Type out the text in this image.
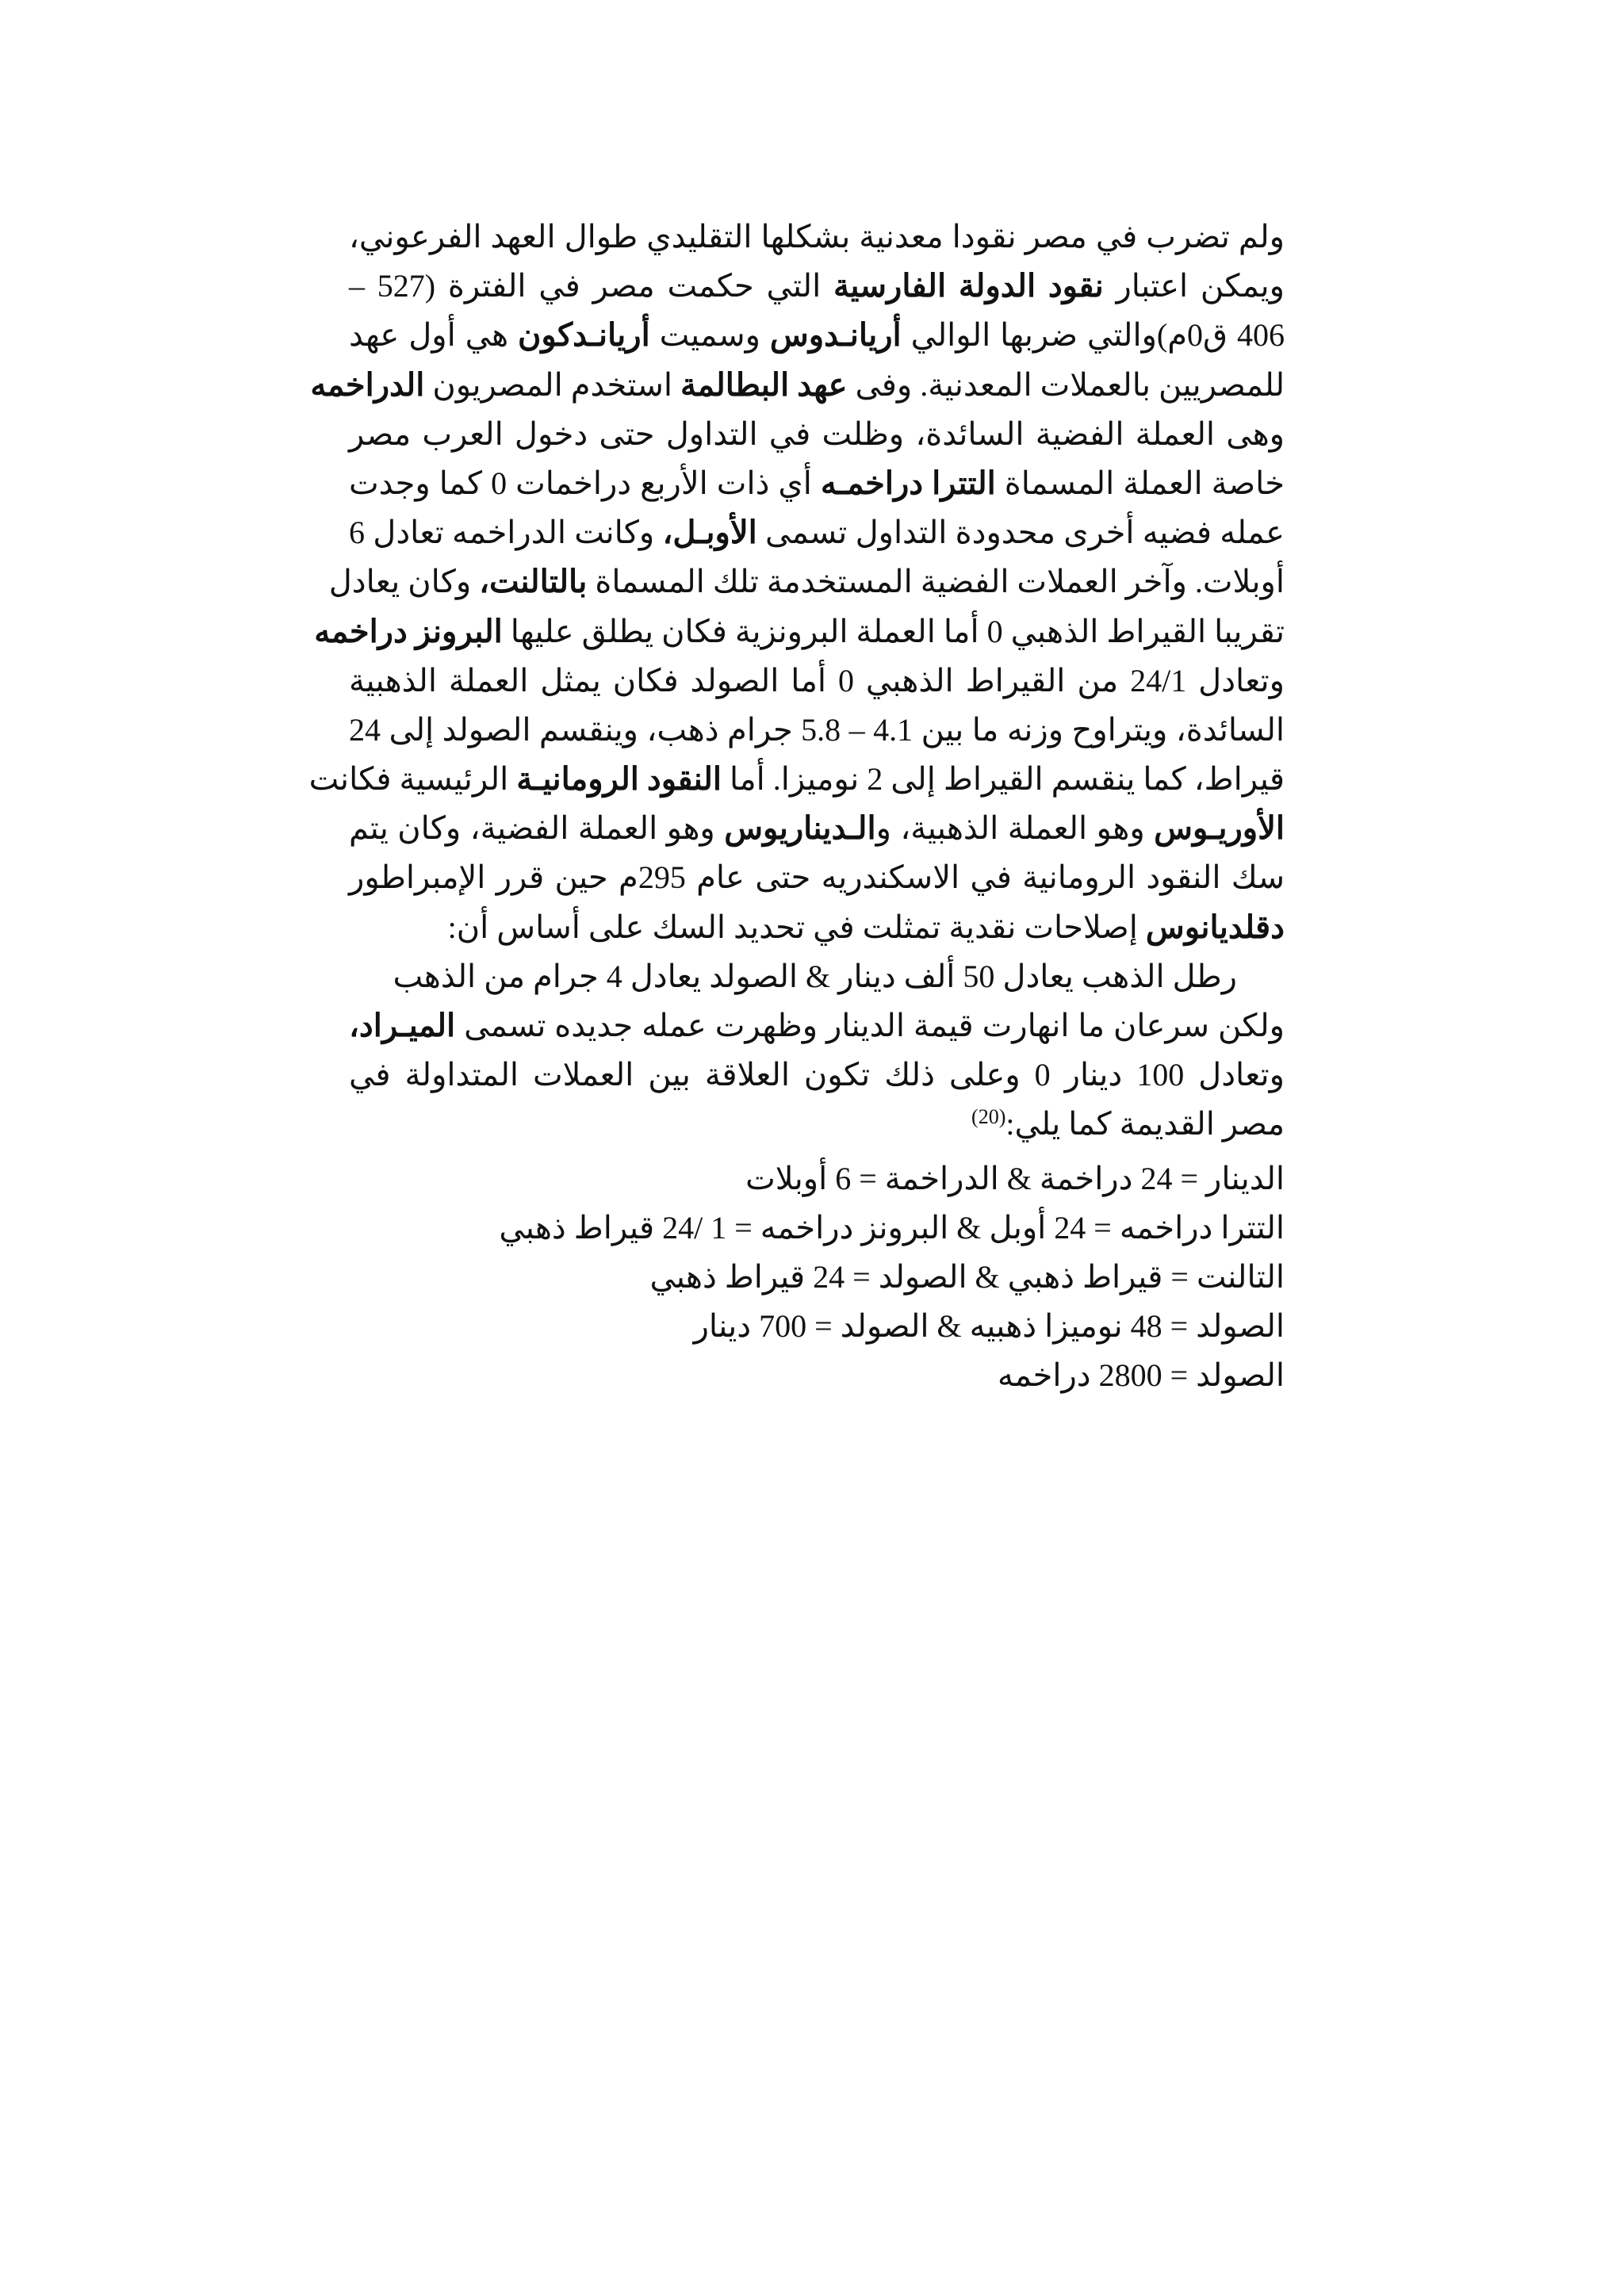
ولم تضرب في مصر نقودا معدنية بشكلها التقليدي طوال العهد الفرعوني،
ويمكن اعتبار نقود الدولة الفارسية التي حكمت مصر في الفترة (527 –
406 ق0م)والتي ضربها الوالي أريانـدوس وسميت أريانـدكون هي أول عهد
للمصريين بالعملات المعدنية. وفى عهد البطالمة استخدم المصريون الدراخمه
وهى العملة الفضية السائدة، وظلت في التداول حتى دخول العرب مصر
خاصة العملة المسماة التترا دراخمـه أي ذات الأربع دراخمات 0 كما وجدت
عمله فضيه أخرى محدودة التداول تسمى الأوبـل، وكانت الدراخمه تعادل 6
أوبلات. وآخر العملات الفضية المستخدمة تلك المسماة بالتالنت، وكان يعادل
تقريبا القيراط الذهبي 0 أما العملة البرونزية فكان يطلق عليها البرونز دراخمه
وتعادل 24/1 من القيراط الذهبي 0 أما الصولد فكان يمثل العملة الذهبية
السائدة، ويتراوح وزنه ما بين 4.1 – 5.8 جرام ذهب، وينقسم الصولد إلى 24
قيراط، كما ينقسم القيراط إلى 2 نوميزا. أما النقود الرومانيـة الرئيسية فكانت
الأوريـوس وهو العملة الذهبية، والـديناريوس وهو العملة الفضية، وكان يتم
سك النقود الرومانية في الاسكندريه حتى عام 295م حين قرر الإمبراطور
دقلديانوس إصلاحات نقدية تمثلت في تحديد السك على أساس أن:
رطل الذهب يعادل 50 ألف دينار & الصولد يعادل 4 جرام من الذهب
ولكن سرعان ما انهارت قيمة الدينار وظهرت عمله جديده تسمى الميـراد،
وتعادل 100 دينار 0 وعلى ذلك تكون العلاقة بين العملات المتداولة في
مصر القديمة كما يلي:$^{(20)}$
الدينار = 24 دراخمة & الدراخمة = 6 أوبلات
التترا دراخمه = 24 أوبل & البرونز دراخمه = 1 /24 قيراط ذهبي
التالنت = قيراط ذهبي & الصولد = 24 قيراط ذهبي
الصولد = 48 نوميزا ذهبيه & الصولد = 700 دينار
الصولد = 2800 دراخمه
